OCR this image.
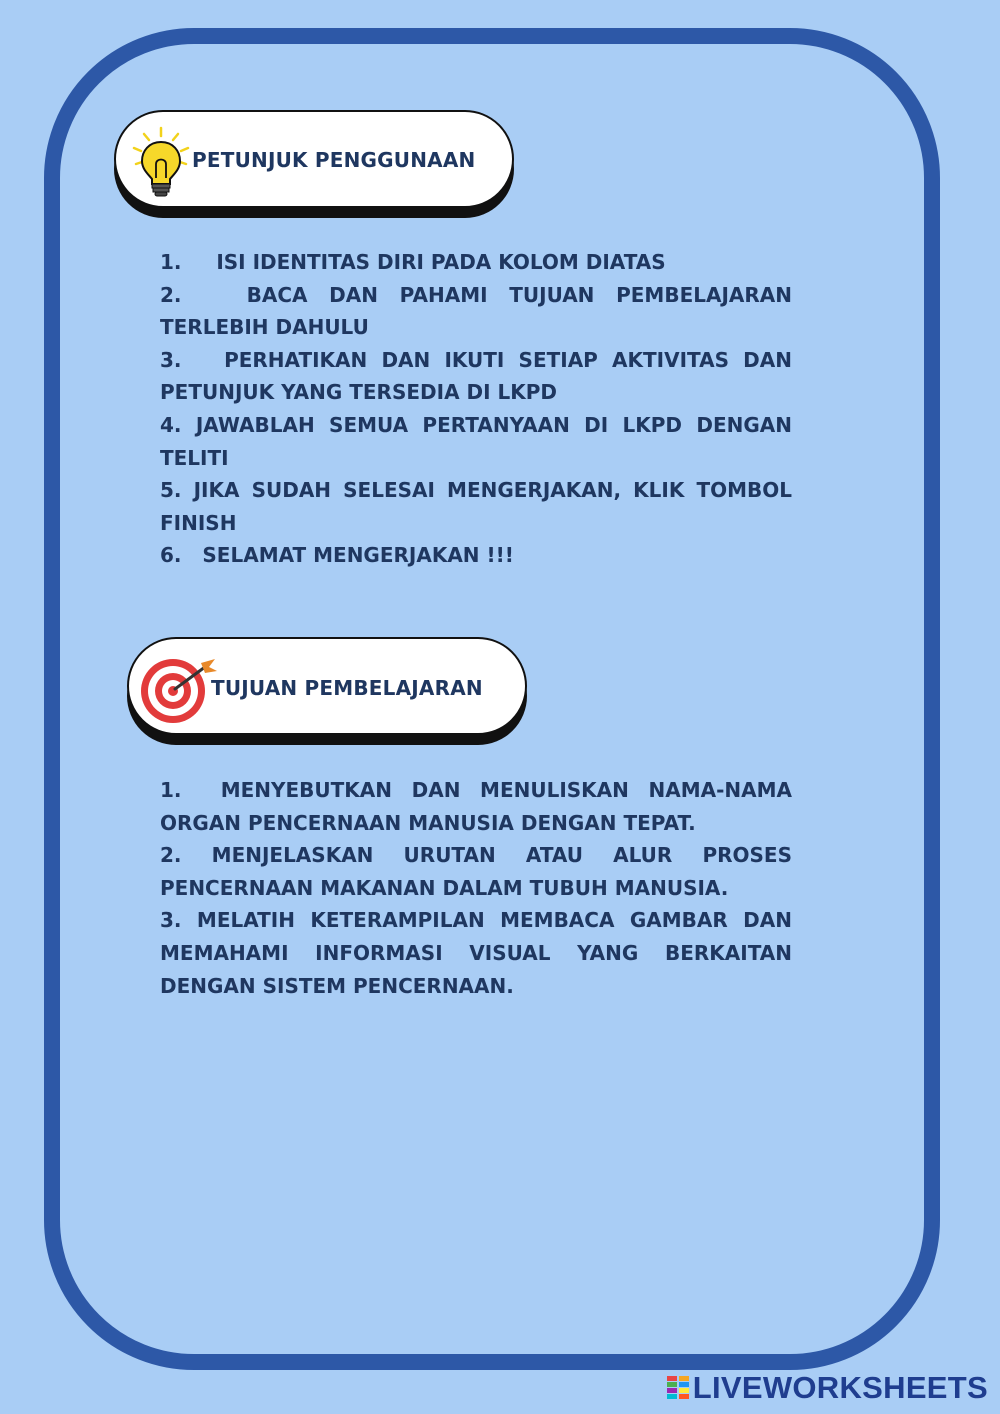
PETUNJUK PENGGUNAAN
1.     ISI IDENTITAS DIRI PADA KOLOM DIATAS
2.   BACA DAN PAHAMI TUJUAN PEMBELAJARAN TERLEBIH DAHULU
3.   PERHATIKAN DAN IKUTI SETIAP AKTIVITAS DAN PETUNJUK YANG TERSEDIA DI LKPD
4. JAWABLAH SEMUA PERTANYAAN DI LKPD DENGAN TELITI
5. JIKA SUDAH SELESAI MENGERJAKAN, KLIK TOMBOL FINISH
6.   SELAMAT MENGERJAKAN !!!
TUJUAN PEMBELAJARAN
1.  MENYEBUTKAN DAN MENULISKAN NAMA-NAMA ORGAN PENCERNAAN MANUSIA DENGAN TEPAT.
2. MENJELASKAN URUTAN ATAU ALUR PROSES PENCERNAAN MAKANAN DALAM TUBUH MANUSIA.
3. MELATIH KETERAMPILAN MEMBACA GAMBAR DAN MEMAHAMI INFORMASI VISUAL YANG BERKAITAN DENGAN SISTEM PENCERNAAN.
LIVEWORKSHEETS
